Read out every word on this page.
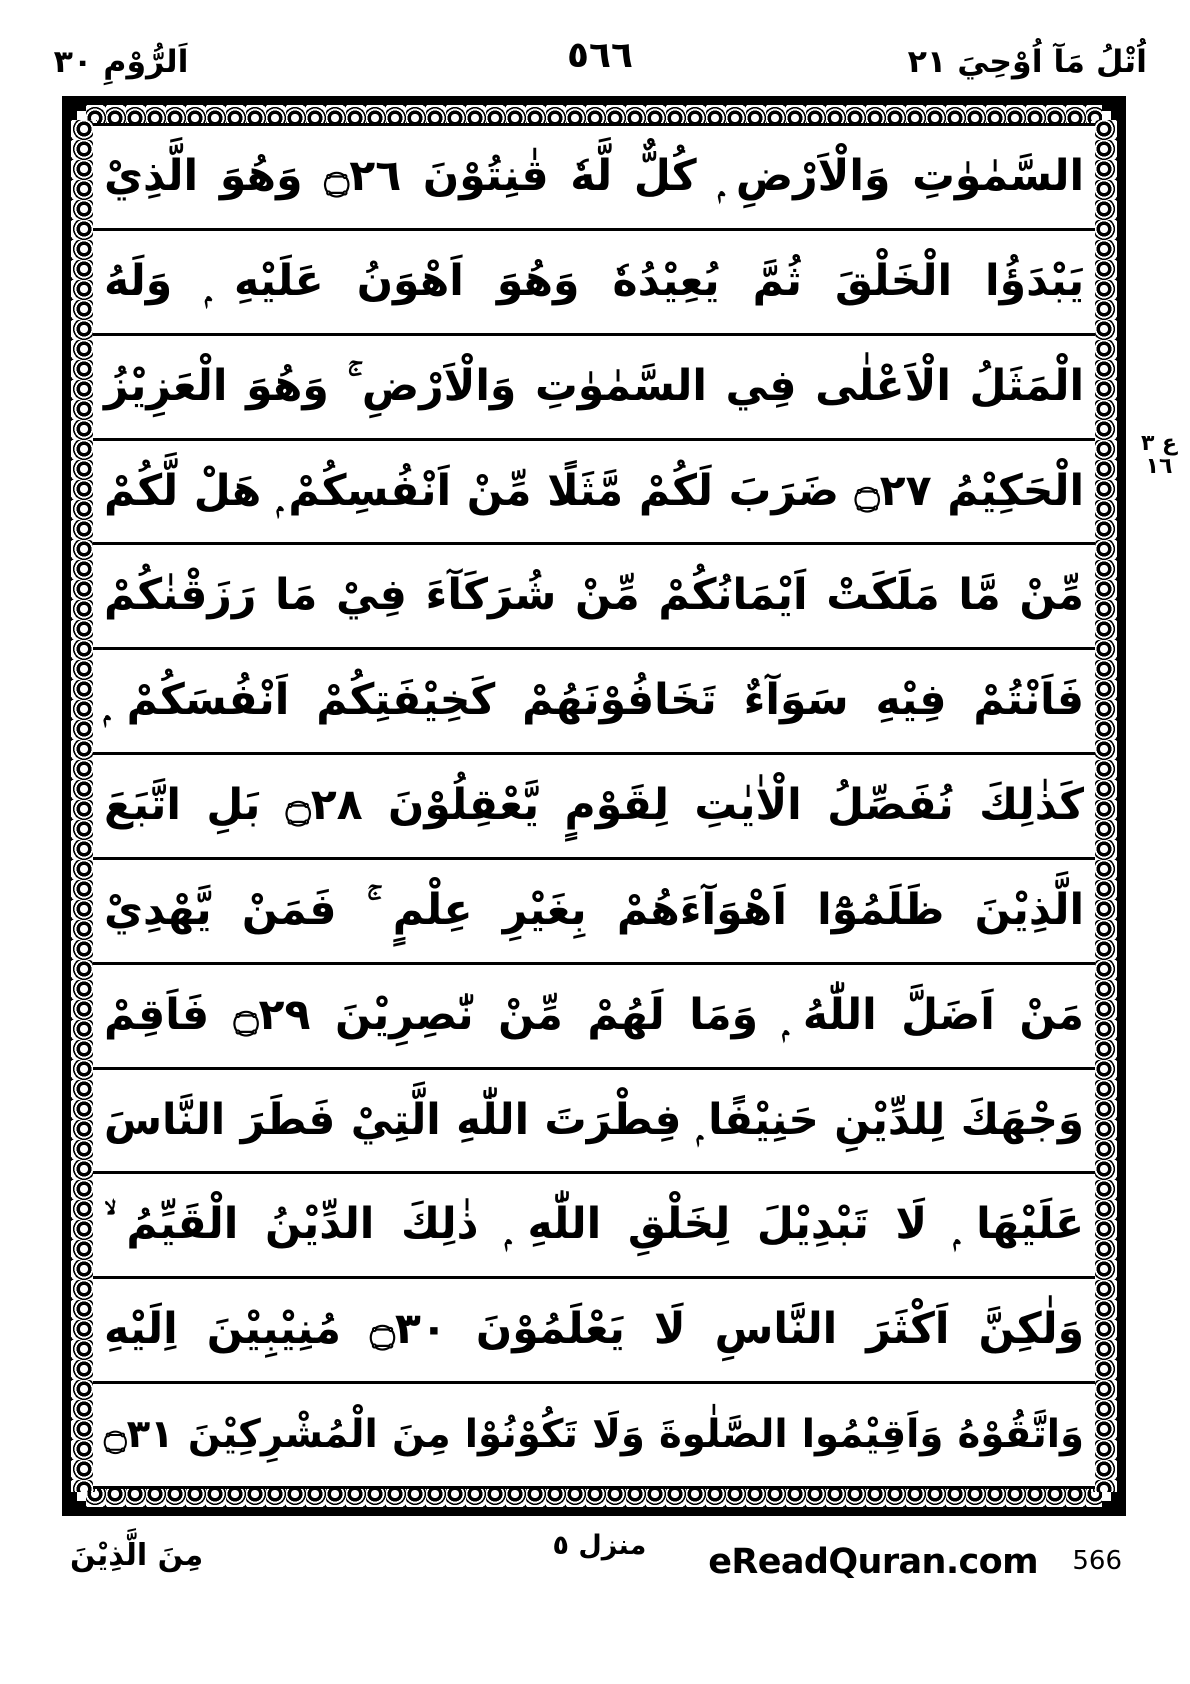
اُتْلُ مَآ اُوْحِيَ ٢١
٥٦٦
اَلرُّوْمِ ٣٠
السَّمٰوٰتِ وَالْاَرْضِ ۭ كُلٌّ لَّهٗ قٰنِتُوْنَ ۝٢٦ وَهُوَ الَّذِيْ
يَبْدَؤُا الْخَلْقَ ثُمَّ يُعِيْدُهٗ وَهُوَ اَهْوَنُ عَلَيْهِ ۭ وَلَهُ
الْمَثَلُ الْاَعْلٰى فِي السَّمٰوٰتِ وَالْاَرْضِ ۚ وَهُوَ الْعَزِيْزُ
الْحَكِيْمُ ۝٢٧ ضَرَبَ لَكُمْ مَّثَلًا مِّنْ اَنْفُسِكُمْ ۭ هَلْ لَّكُمْ
مِّنْ مَّا مَلَكَتْ اَيْمَانُكُمْ مِّنْ شُرَكَآءَ فِيْ مَا رَزَقْنٰكُمْ
فَاَنْتُمْ فِيْهِ سَوَآءٌ تَخَافُوْنَهُمْ كَخِيْفَتِكُمْ اَنْفُسَكُمْ ۭ
كَذٰلِكَ نُفَصِّلُ الْاٰيٰتِ لِقَوْمٍ يَّعْقِلُوْنَ ۝٢٨ بَلِ اتَّبَعَ
الَّذِيْنَ ظَلَمُوْٓا اَهْوَآءَهُمْ بِغَيْرِ عِلْمٍ ۚ فَمَنْ يَّهْدِيْ
مَنْ اَضَلَّ اللّٰهُ ۭ وَمَا لَهُمْ مِّنْ نّٰصِرِيْنَ ۝٢٩ فَاَقِمْ
وَجْهَكَ لِلدِّيْنِ حَنِيْفًا ۭ فِطْرَتَ اللّٰهِ الَّتِيْ فَطَرَ النَّاسَ
عَلَيْهَا ۭ لَا تَبْدِيْلَ لِخَلْقِ اللّٰهِ ۭ ذٰلِكَ الدِّيْنُ الْقَيِّمُ ۙ
وَلٰكِنَّ اَكْثَرَ النَّاسِ لَا يَعْلَمُوْنَ ۝٣٠ مُنِيْبِيْنَ اِلَيْهِ
وَاتَّقُوْهُ وَاَقِيْمُوا الصَّلٰوةَ وَلَا تَكُوْنُوْا مِنَ الْمُشْرِكِيْنَ ۝٣١
ع ٣ ١٦
مِنَ الَّذِيْنَ	منزل ٥ eReadQuran.com 566
